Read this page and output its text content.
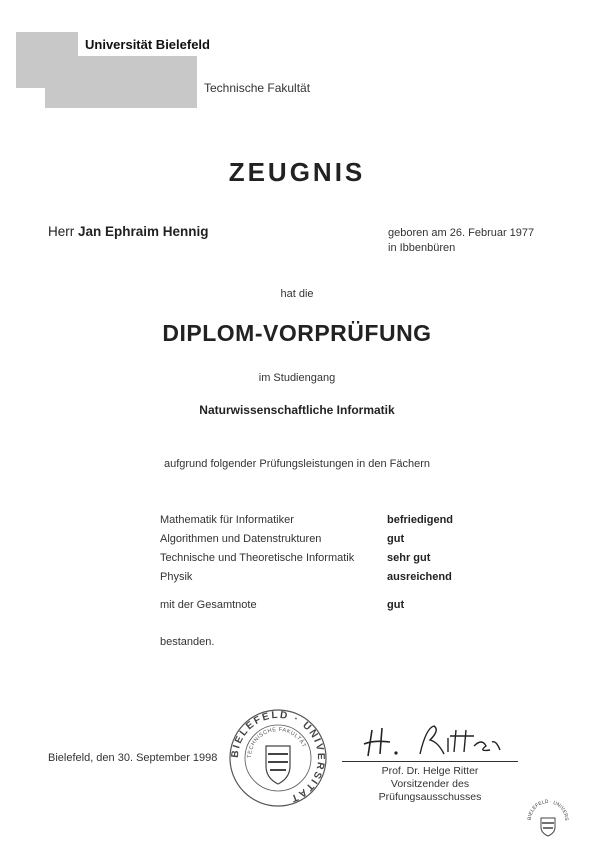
Universität Bielefeld
Technische Fakultät
ZEUGNIS
Herr Jan Ephraim Hennig	geboren am 26. Februar 1977
in Ibbenbüren
hat die
DIPLOM-VORPRÜFUNG
im Studiengang
Naturwissenschaftliche Informatik
aufgrund folgender Prüfungsleistungen in den Fächern
Mathematik für Informatiker	befriedigend
Algorithmen und Datenstrukturen	gut
Technische und Theoretische Informatik	sehr gut
Physik	ausreichend
mit der Gesamtnote	gut
bestanden.
Bielefeld, den 30. September 1998 BIELEFELD · UNIVERSITÄT
TECHNISCHE FAKULTÄT
Prof. Dr. Helge Ritter
Vorsitzender des Prüfungsausschusses
BIELEFELD · UNIVERS
